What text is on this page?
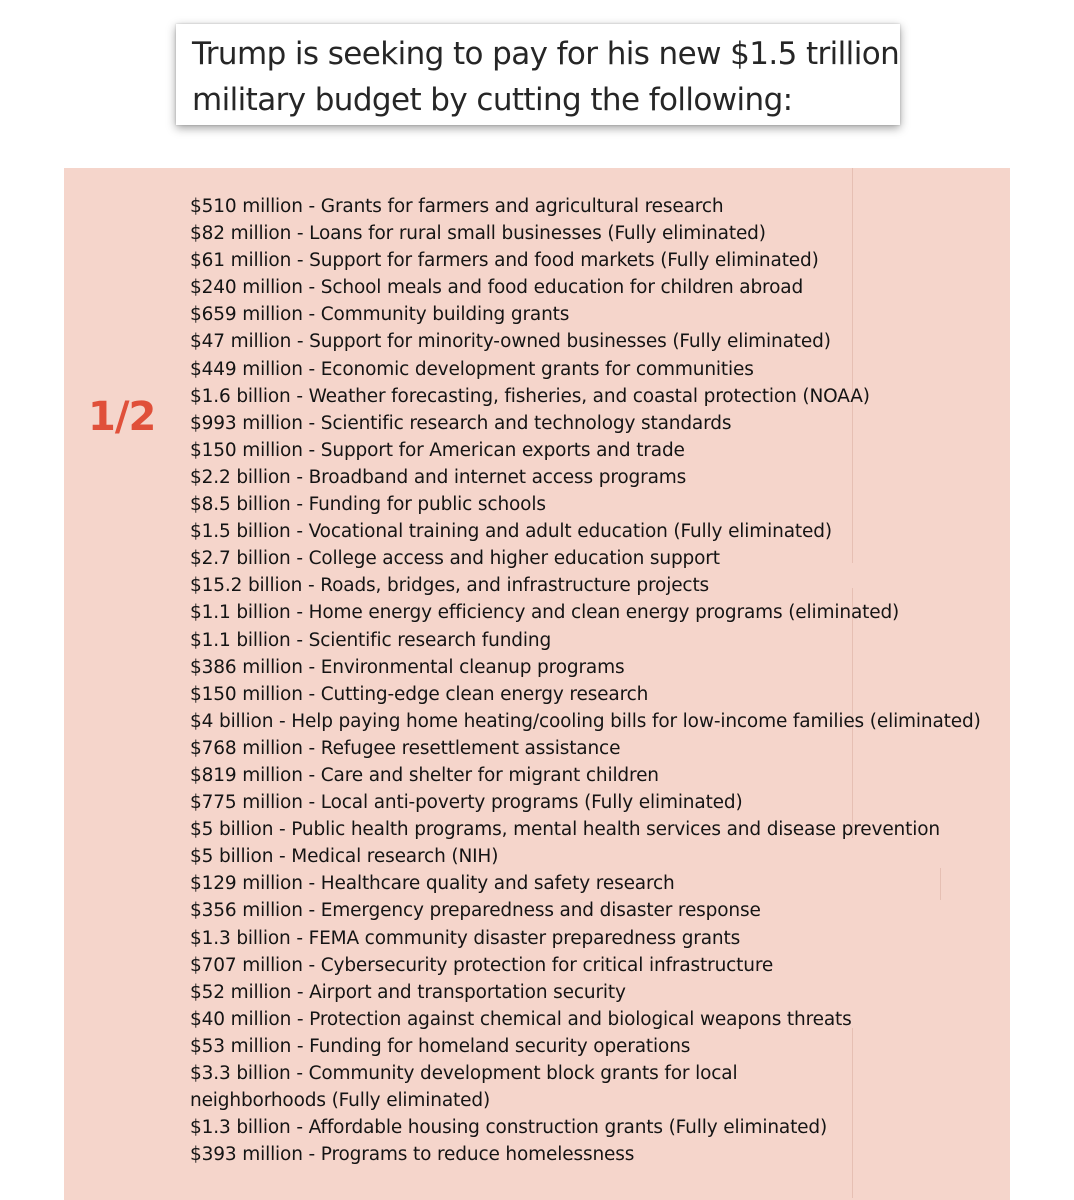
Trump is seeking to pay for his new $1.5 trillion
military budget by cutting the following:
1/2
$510 million - Grants for farmers and agricultural research
$82 million - Loans for rural small businesses (Fully eliminated)
$61 million - Support for farmers and food markets (Fully eliminated)
$240 million - School meals and food education for children abroad
$659 million - Community building grants
$47 million - Support for minority-owned businesses (Fully eliminated)
$449 million - Economic development grants for communities
$1.6 billion - Weather forecasting, fisheries, and coastal protection (NOAA)
$993 million - Scientific research and technology standards
$150 million - Support for American exports and trade
$2.2 billion - Broadband and internet access programs
$8.5 billion - Funding for public schools
$1.5 billion - Vocational training and adult education (Fully eliminated)
$2.7 billion - College access and higher education support
$15.2 billion - Roads, bridges, and infrastructure projects
$1.1 billion - Home energy efficiency and clean energy programs (eliminated)
$1.1 billion - Scientific research funding
$386 million - Environmental cleanup programs
$150 million - Cutting-edge clean energy research
$4 billion - Help paying home heating/cooling bills for low-income families (eliminated)
$768 million - Refugee resettlement assistance
$819 million - Care and shelter for migrant children
$775 million - Local anti-poverty programs (Fully eliminated)
$5 billion - Public health programs, mental health services and disease prevention
$5 billion - Medical research (NIH)
$129 million - Healthcare quality and safety research
$356 million - Emergency preparedness and disaster response
$1.3 billion - FEMA community disaster preparedness grants
$707 million - Cybersecurity protection for critical infrastructure
$52 million - Airport and transportation security
$40 million - Protection against chemical and biological weapons threats
$53 million - Funding for homeland security operations
$3.3 billion - Community development block grants for local
neighborhoods (Fully eliminated)
$1.3 billion - Affordable housing construction grants (Fully eliminated)
$393 million - Programs to reduce homelessness
